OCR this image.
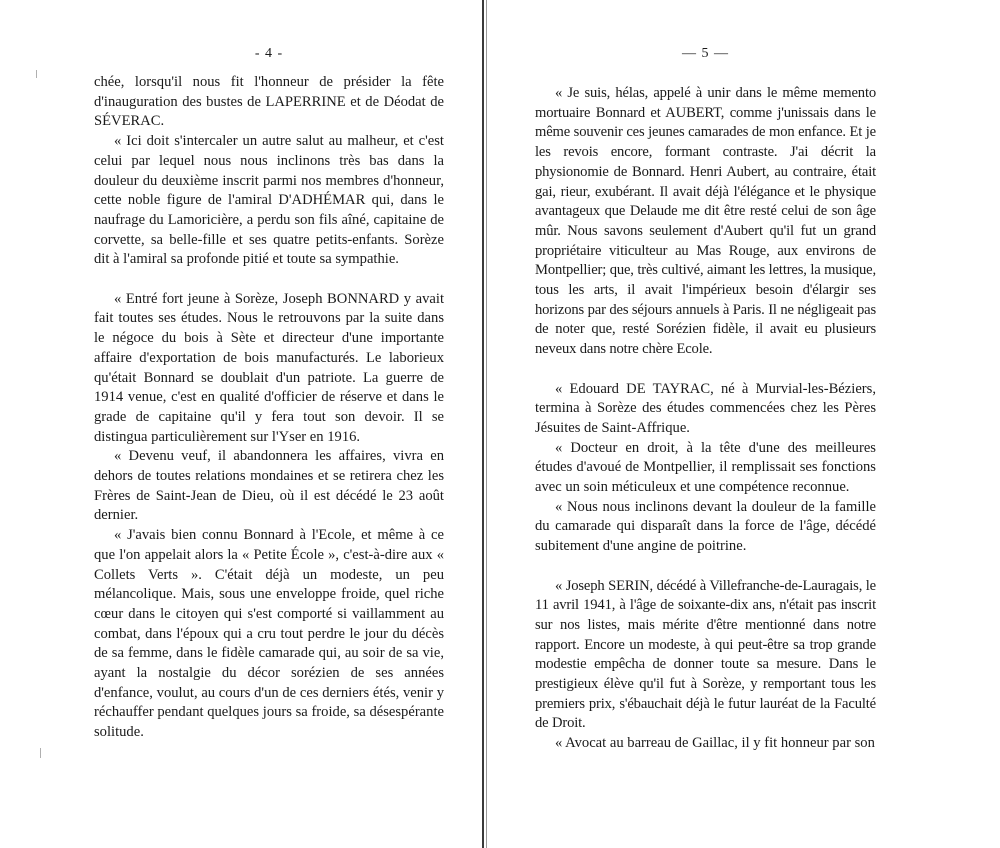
- 4 -

chée, lorsqu'il nous fit l'honneur de présider la fête d'inauguration des bustes de LAPERRINE et de Déodat de SÉVERAC.

« Ici doit s'intercaler un autre salut au malheur, et c'est celui par lequel nous nous inclinons très bas dans la douleur du deuxième inscrit parmi nos membres d'honneur, cette noble figure de l'amiral D'ADHÉMAR qui, dans le naufrage du Lamoricière, a perdu son fils aîné, capitaine de corvette, sa belle-fille et ses quatre petits-enfants. Sorèze dit à l'amiral sa profonde pitié et toute sa sympathie.

« Entré fort jeune à Sorèze, Joseph BONNARD y avait fait toutes ses études. Nous le retrouvons par la suite dans le négoce du bois à Sète et directeur d'une importante affaire d'exportation de bois manufacturés. Le laborieux qu'était Bonnard se doublait d'un patriote. La guerre de 1914 venue, c'est en qualité d'officier de réserve et dans le grade de capitaine qu'il y fera tout son devoir. Il se distingua particulièrement sur l'Yser en 1916.

« Devenu veuf, il abandonnera les affaires, vivra en dehors de toutes relations mondaines et se retirera chez les Frères de Saint-Jean de Dieu, où il est décédé le 23 août dernier.

« J'avais bien connu Bonnard à l'Ecole, et même à ce que l'on appelait alors la « Petite École », c'est-à-dire aux « Collets Verts ». C'était déjà un modeste, un peu mélancolique. Mais, sous une enveloppe froide, quel riche cœur dans le citoyen qui s'est comporté si vaillamment au combat, dans l'époux qui a cru tout perdre le jour du décès de sa femme, dans le fidèle camarade qui, au soir de sa vie, ayant la nostalgie du décor sorézien de ses années d'enfance, voulut, au cours d'un de ces derniers étés, venir y réchauffer pendant quelques jours sa froide, sa désespérante solitude.

— 5 —

« Je suis, hélas, appelé à unir dans le même memento mortuaire Bonnard et AUBERT, comme j'unissais dans le même souvenir ces jeunes camarades de mon enfance. Et je les revois encore, formant contraste. J'ai décrit la physionomie de Bonnard. Henri Aubert, au contraire, était gai, rieur, exubérant. Il avait déjà l'élégance et le physique avantageux que Delaude me dit être resté celui de son âge mûr. Nous savons seulement d'Aubert qu'il fut un grand propriétaire viticulteur au Mas Rouge, aux environs de Montpellier; que, très cultivé, aimant les lettres, la musique, tous les arts, il avait l'impérieux besoin d'élargir ses horizons par des séjours annuels à Paris. Il ne négligeait pas de noter que, resté Sorézien fidèle, il avait eu plusieurs neveux dans notre chère Ecole.

« Edouard DE TAYRAC, né à Murvial-les-Béziers, termina à Sorèze des études commencées chez les Pères Jésuites de Saint-Affrique.

« Docteur en droit, à la tête d'une des meilleures études d'avoué de Montpellier, il remplissait ses fonctions avec un soin méticuleux et une compétence reconnue.

« Nous nous inclinons devant la douleur de la famille du camarade qui disparaît dans la force de l'âge, décédé subitement d'une angine de poitrine.

« Joseph SERIN, décédé à Villefranche-de-Lauragais, le 11 avril 1941, à l'âge de soixante-dix ans, n'était pas inscrit sur nos listes, mais mérite d'être mentionné dans notre rapport. Encore un modeste, à qui peut-être sa trop grande modestie empêcha de donner toute sa mesure. Dans le prestigieux élève qu'il fut à Sorèze, y remportant tous les premiers prix, s'ébauchait déjà le futur lauréat de la Faculté de Droit.

« Avocat au barreau de Gaillac, il y fit honneur par son
